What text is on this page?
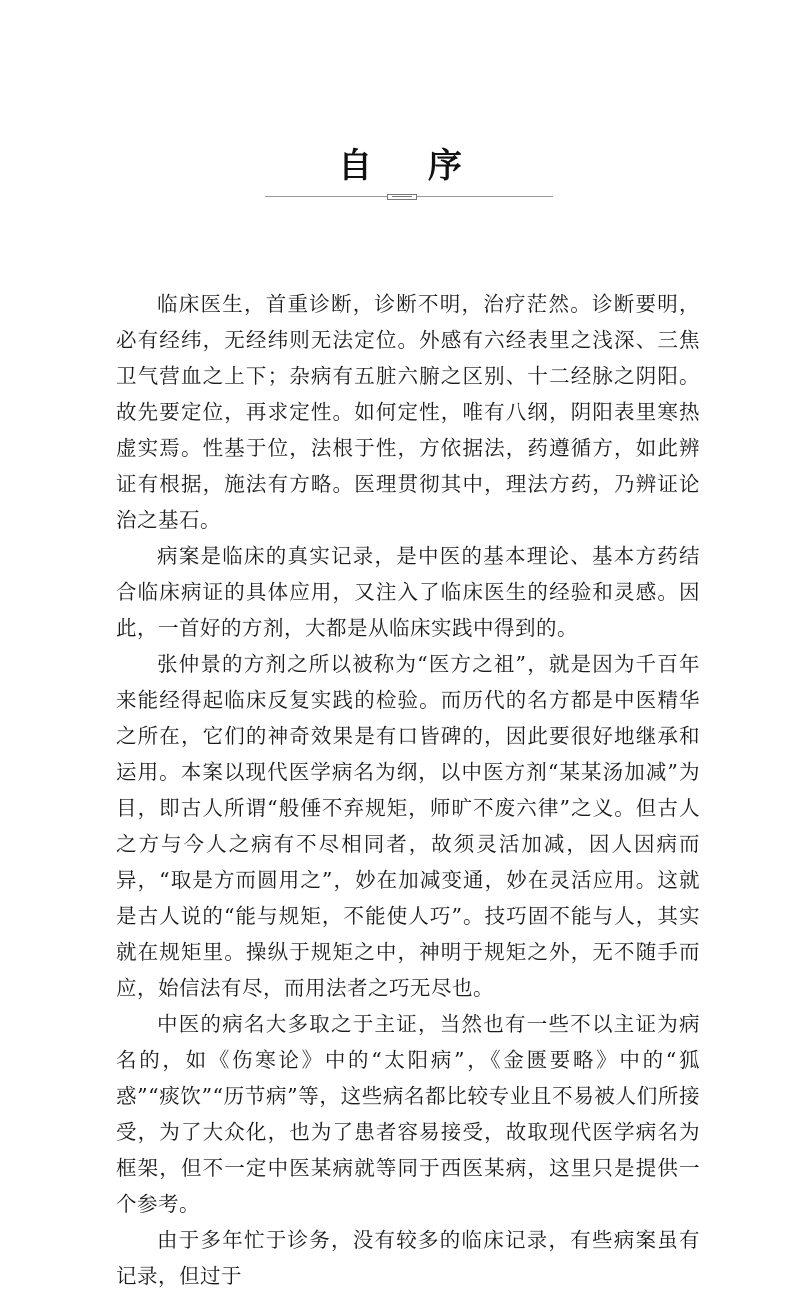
自 序

临床医生，首重诊断，诊断不明，治疗茫然。诊断要明，必有经纬，无经纬则无法定位。外感有六经表里之浅深、三焦卫气营血之上下；杂病有五脏六腑之区别、十二经脉之阴阳。故先要定位，再求定性。如何定性，唯有八纲，阴阳表里寒热虚实焉。性基于位，法根于性，方依据法，药遵循方，如此辨证有根据，施法有方略。医理贯彻其中，理法方药，乃辨证论治之基石。

病案是临床的真实记录，是中医的基本理论、基本方药结合临床病证的具体应用，又注入了临床医生的经验和灵感。因此，一首好的方剂，大都是从临床实践中得到的。

张仲景的方剂之所以被称为“医方之祖”，就是因为千百年来能经得起临床反复实践的检验。而历代的名方都是中医精华之所在，它们的神奇效果是有口皆碑的，因此要很好地继承和运用。本案以现代医学病名为纲，以中医方剂“某某汤加减”为目，即古人所谓“般倕不弃规矩，师旷不废六律”之义。但古人之方与今人之病有不尽相同者，故须灵活加减，因人因病而异，“取是方而圆用之”，妙在加减变通，妙在灵活应用。这就是古人说的“能与规矩，不能使人巧”。技巧固不能与人，其实就在规矩里。操纵于规矩之中，神明于规矩之外，无不随手而应，始信法有尽，而用法者之巧无尽也。

中医的病名大多取之于主证，当然也有一些不以主证为病名的，如《伤寒论》中的“太阳病”，《金匮要略》中的“狐惑”“痰饮”“历节病”等，这些病名都比较专业且不易被人们所接受，为了大众化，也为了患者容易接受，故取现代医学病名为框架，但不一定中医某病就等同于西医某病，这里只是提供一个参考。

由于多年忙于诊务，没有较多的临床记录，有些病案虽有记录，但过于
